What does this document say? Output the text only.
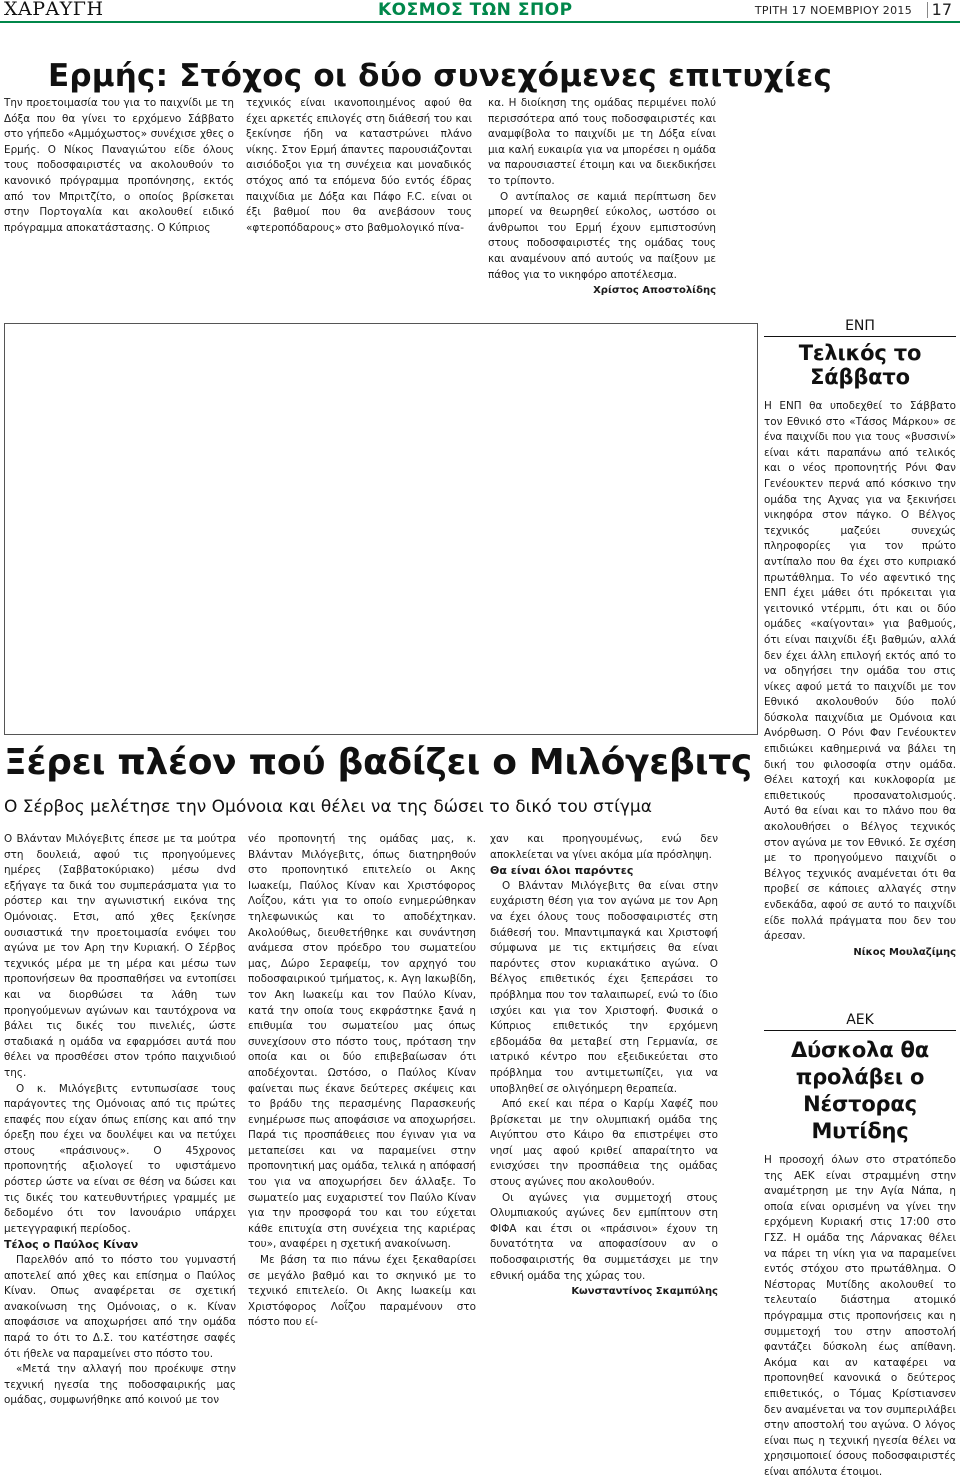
ΧΑΡΑΥΓΗ	ΚΟΣΜΟΣ ΤΩΝ ΣΠΟΡ	ΤΡΙΤΗ 17 ΝΟΕΜΒΡΙΟΥ 2015 17
Ερμής: Στόχος οι δύο συνεχόμενες επιτυχίες

Την προετοιμασία του για το παιχνίδι με τη Δόξα που θα γίνει το ερχόμενο Σάββατο στο γήπεδο «Αμμόχωστος» συνέχισε χθες ο Ερμής. Ο Νίκος Παναγιώτου είδε όλους τους ποδοσφαιριστές να ακολουθούν το κανονικό πρόγραμμα προπόνησης, εκτός από τον Μπριτζίτο, ο οποίος βρίσκεται στην Πορτογαλία και ακολουθεί ειδικό πρόγραμμα αποκατάστασης. Ο Κύπριος

τεχνικός είναι ικανοποιημένος αφού θα έχει αρκετές επιλογές στη διάθεσή του και ξεκίνησε ήδη να καταστρώνει πλάνο νίκης. Στον Ερμή άπαντες παρουσιάζονται αισιόδοξοι για τη συνέχεια και μοναδικός στόχος από τα επόμενα δύο εντός έδρας παιχνίδια με Δόξα και Πάφο F.C. είναι οι έξι βαθμοί που θα ανεβάσουν τους «φτεροπόδαρους» στο βαθμολογικό πίνα-

κα. Η διοίκηση της ομάδας περιμένει πολύ περισσότερα από τους ποδοσφαιριστές και αναμφίβολα το παιχνίδι με τη Δόξα είναι μια καλή ευκαιρία για να μπορέσει η ομάδα να παρουσιαστεί έτοιμη και να διεκδικήσει το τρίποντο.

Ο αντίπαλος σε καμιά περίπτωση δεν μπορεί να θεωρηθεί εύκολος, ωστόσο οι άνθρωποι του Ερμή έχουν εμπιστοσύνη στους ποδοσφαιριστές της ομάδας τους και αναμένουν από αυτούς να παίξουν με πάθος για το νικηφόρο αποτέλεσμα.

Χρίστος Αποστολίδης
ΕΝΠ
Τελικός το Σάββατο

Η ΕΝΠ θα υποδεχθεί το Σάββατο τον Εθνικό στο «Τάσος Μάρκου» σε ένα παιχνίδι που για τους «βυσσινί» είναι κάτι παραπάνω από τελικός και ο νέος προπονητής Ρόνι Φαν Γενέουκτεν περνά από κόσκινο την ομάδα της Αχνας για να ξεκινήσει νικηφόρα στον πάγκο. Ο Βέλγος τεχνικός μαζεύει συνεχώς πληροφορίες για τον πρώτο αντίπαλο που θα έχει στο κυπριακό πρωτάθλημα. Το νέο αφεντικό της ΕΝΠ έχει μάθει ότι πρόκειται για γειτονικό ντέρμπι, ότι και οι δύο ομάδες «καίγονται» για βαθμούς, ότι είναι παιχνίδι έξι βαθμών, αλλά δεν έχει άλλη επιλογή εκτός από το να οδηγήσει την ομάδα του στις νίκες αφού μετά το παιχνίδι με τον Εθνικό ακολουθούν δύο πολύ δύσκολα παιχνίδια με Ομόνοια και Ανόρθωση. Ο Ρόνι Φαν Γενέουκτεν επιδιώκει καθημερινά να βάλει τη δική του φιλοσοφία στην ομάδα. Θέλει κατοχή και κυκλοφορία με επιθετικούς προσανατολισμούς. Αυτό θα είναι και το πλάνο που θα ακολουθήσει ο Βέλγος τεχνικός στον αγώνα με τον Εθνικό. Σε σχέση με το προηγούμενο παιχνίδι ο Βέλγος τεχνικός αναμένεται ότι θα προβεί σε κάποιες αλλαγές στην ενδεκάδα, αφού σε αυτό το παιχνίδι είδε πολλά πράγματα που δεν του άρεσαν.

Νίκος Μουλαζίμης
Ξέρει πλέον πού βαδίζει ο Μιλόγεβιτς
Ο Σέρβος μελέτησε την Ομόνοια και θέλει να της δώσει το δικό του στίγμα

Ο Βλάνταν Μιλόγεβιτς έπεσε με τα μούτρα στη δουλειά, αφού τις προηγούμενες ημέρες (Σαββατοκύριακο) μέσω dvd εξήγαγε τα δικά του συμπεράσματα για το ρόστερ και την αγωνιστική εικόνα της Ομόνοιας. Ετσι, από χθες ξεκίνησε ουσιαστικά την προετοιμασία ενόψει του αγώνα με τον Αρη την Κυριακή. Ο Σέρβος τεχνικός μέρα με τη μέρα και μέσω των προπονήσεων θα προσπαθήσει να εντοπίσει και να διορθώσει τα λάθη των προηγούμενων αγώνων και ταυτόχρονα να βάλει τις δικές του πινελιές, ώστε σταδιακά η ομάδα να εφαρμόσει αυτά που θέλει να προσθέσει στον τρόπο παιχνιδιού της.

Ο κ. Μιλόγεβιτς εντυπωσίασε τους παράγοντες της Ομόνοιας από τις πρώτες επαφές που είχαν όπως επίσης και από την όρεξη που έχει να δουλέψει και να πετύχει στους «πράσινους». Ο 45χρονος προπονητής αξιολογεί το υφιστάμενο ρόστερ ώστε να είναι σε θέση να δώσει και τις δικές του κατευθυντήριες γραμμές με δεδομένο ότι τον Ιανουάριο υπάρχει μετεγγραφική περίοδος.

Τέλος ο Παύλος Κίναν

Παρελθόν από το πόστο του γυμναστή αποτελεί από χθες και επίσημα ο Παύλος Κίναν. Οπως αναφέρεται σε σχετική ανακοίνωση της Ομόνοιας, ο κ. Κίναν αποφάσισε να αποχωρήσει από την ομάδα παρά το ότι το Δ.Σ. του κατέστησε σαφές ότι ήθελε να παραμείνει στο πόστο του.

«Μετά την αλλαγή που προέκυψε στην τεχνική ηγεσία της ποδοσφαιρικής μας ομάδας, συμφωνήθηκε από κοινού με τον

νέο προπονητή της ομάδας μας, κ. Βλάνταν Μιλόγεβιτς, όπως διατηρηθούν στο προπονητικό επιτελείο οι Ακης Ιωακείμ, Παύλος Κίναν και Χριστόφορος Λοΐζου, κάτι για το οποίο ενημερώθηκαν τηλεφωνικώς και το αποδέχτηκαν. Ακολούθως, διευθετήθηκε και συνάντηση ανάμεσα στον πρόεδρο του σωματείου μας, Δώρο Σεραφείμ, τον αρχηγό του ποδοσφαιρικού τμήματος, κ. Αγη Ιακωβίδη, τον Ακη Ιωακείμ και τον Παύλο Κίναν, κατά την οποία τους εκφράστηκε ξανά η επιθυμία του σωματείου μας όπως συνεχίσουν στο πόστο τους, πρόταση την οποία και οι δύο επιβεβαίωσαν ότι αποδέχονται. Ωστόσο, ο Παύλος Κίναν φαίνεται πως έκανε δεύτερες σκέψεις και το βράδυ της περασμένης Παρασκευής ενημέρωσε πως αποφάσισε να αποχωρήσει. Παρά τις προσπάθειες που έγιναν για να μεταπείσει και να παραμείνει στην προπονητική μας ομάδα, τελικά η απόφασή του για να αποχωρήσει δεν άλλαξε. Το σωματείο μας ευχαριστεί τον Παύλο Κίναν για την προσφορά του και του εύχεται κάθε επιτυχία στη συνέχεια της καριέρας του», αναφέρει η σχετική ανακοίνωση.

Με βάση τα πιο πάνω έχει ξεκαθαρίσει σε μεγάλο βαθμό και το σκηνικό με το τεχνικό επιτελείο. Οι Ακης Ιωακείμ και Χριστόφορος Λοΐζου παραμένουν στο πόστο που εί-

χαν και προηγουμένως, ενώ δεν αποκλείεται να γίνει ακόμα μία πρόσληψη.

Θα είναι όλοι παρόντες

Ο Βλάνταν Μιλόγεβιτς θα είναι στην ευχάριστη θέση για τον αγώνα με τον Αρη να έχει όλους τους ποδοσφαιριστές στη διάθεσή του. Μπαντιμπαγκά και Χριστοφή σύμφωνα με τις εκτιμήσεις θα είναι παρόντες στον κυριακάτικο αγώνα. Ο Βέλγος επιθετικός έχει ξεπεράσει το πρόβλημα που τον ταλαιπωρεί, ενώ το ίδιο ισχύει και για τον Χριστοφή. Φυσικά ο Κύπριος επιθετικός την ερχόμενη εβδομάδα θα μεταβεί στη Γερμανία, σε ιατρικό κέντρο που εξειδικεύεται στο πρόβλημα του αντιμετωπίζει, για να υποβληθεί σε ολιγόημερη θεραπεία.

Από εκεί και πέρα ο Καρίμ Χαφέζ που βρίσκεται με την ολυμπιακή ομάδα της Αιγύπτου στο Κάιρο θα επιστρέψει στο νησί μας αφού κριθεί απαραίτητο να ενισχύσει την προσπάθεια της ομάδας στους αγώνες που ακολουθούν.

Οι αγώνες για συμμετοχή στους Ολυμπιακούς αγώνες δεν εμπίπτουν στη ΦΙΦΑ και έτσι οι «πράσινοι» έχουν τη δυνατότητα να αποφασίσουν αν ο ποδοσφαιριστής θα συμμετάσχει με την εθνική ομάδα της χώρας του.

Κωνσταντίνος Σκαμπύλης
ΑΕΚ
Δύσκολα θα προλάβει ο Νέστορας Μυτίδης

Η προσοχή όλων στο στρατόπεδο της ΑΕΚ είναι στραμμένη στην αναμέτρηση με την Αγία Νάπα, η οποία είναι ορισμένη να γίνει την ερχόμενη Κυριακή στις 17:00 στο ΓΣΖ. Η ομάδα της Λάρνακας θέλει να πάρει τη νίκη για να παραμείνει εντός στόχου στο πρωτάθλημα. Ο Νέστορας Μυτίδης ακολουθεί το τελευταίο διάστημα ατομικό πρόγραμμα στις προπονήσεις και η συμμετοχή του στην αποστολή φαντάζει δύσκολη έως απίθανη. Ακόμα και αν καταφέρει να προπονηθεί κανονικά ο δεύτερος επιθετικός, ο Τόμας Κρίστιανσεν δεν αναμένεται να τον συμπεριλάβει στην αποστολή του αγώνα. Ο λόγος είναι πως η τεχνική ηγεσία θέλει να χρησιμοποιεί όσους ποδοσφαιριστές είναι απόλυτα έτοιμοι.
